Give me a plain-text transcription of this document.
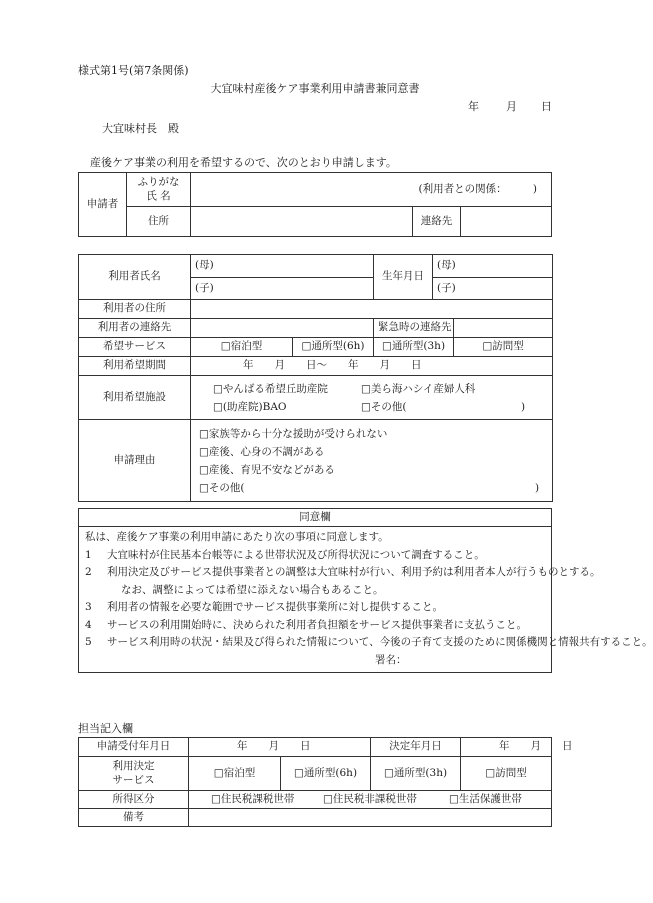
様式第1号(第7条関係)
大宜味村産後ケア事業利用申請書兼同意書
年 月 日
大宜味村長　殿
産後ケア事業の利用を希望するので、次のとおり申請します。
申請者	ふりがな
氏 名	(利用者との関係：　　　)		
	住所		連絡先	
利用者氏名	(母)		生年月日	(母)	
	(子)			(子)	
利用者の住所					
利用者の連絡先			緊急時の連絡先		
希望サービス	□宿泊型	□通所型(6h)	□通所型(3h)		□訪問型
利用希望期間	年　　月　　日～　　年　　月　　日				
利用希望施設	□やんばる希望丘助産院 □美ら海ハシイ産婦人科
□(助産院)BAO □その他( )				

申請理由	□家族等から十分な援助が受けられない
□産後、心身の不調がある
□産後、育児不安などがある
□その他( )				
同意欄

私は、産後ケア事業の利用申請にあたり次の事項に同意します。
1	大宜味村が住民基本台帳等による世帯状況及び所得状況について調査すること。
2	利用決定及びサービス提供事業者との調整は大宜味村が行い、利用予約は利用者本人が行うものとする。
なお、調整によっては希望に添えない場合もあること。
3	利用者の情報を必要な範囲でサービス提供事業所に対し提供すること。
4	サービスの利用開始時に、決められた利用者負担額をサービス提供事業者に支払うこと。
5	サービス利用時の状況・結果及び得られた情報について、今後の子育て支援のために関係機関と情報共有すること。
署名：
担当記入欄
申請受付年月日	年　　月　　日		決定年月日	年　　月　　日

利用決定
サービス	□宿泊型	□通所型(6h)	□通所型(3h)	□訪問型
所得区分	□住民税課税世帯 □住民税非課税世帯 □生活保護世帯			
備考				
